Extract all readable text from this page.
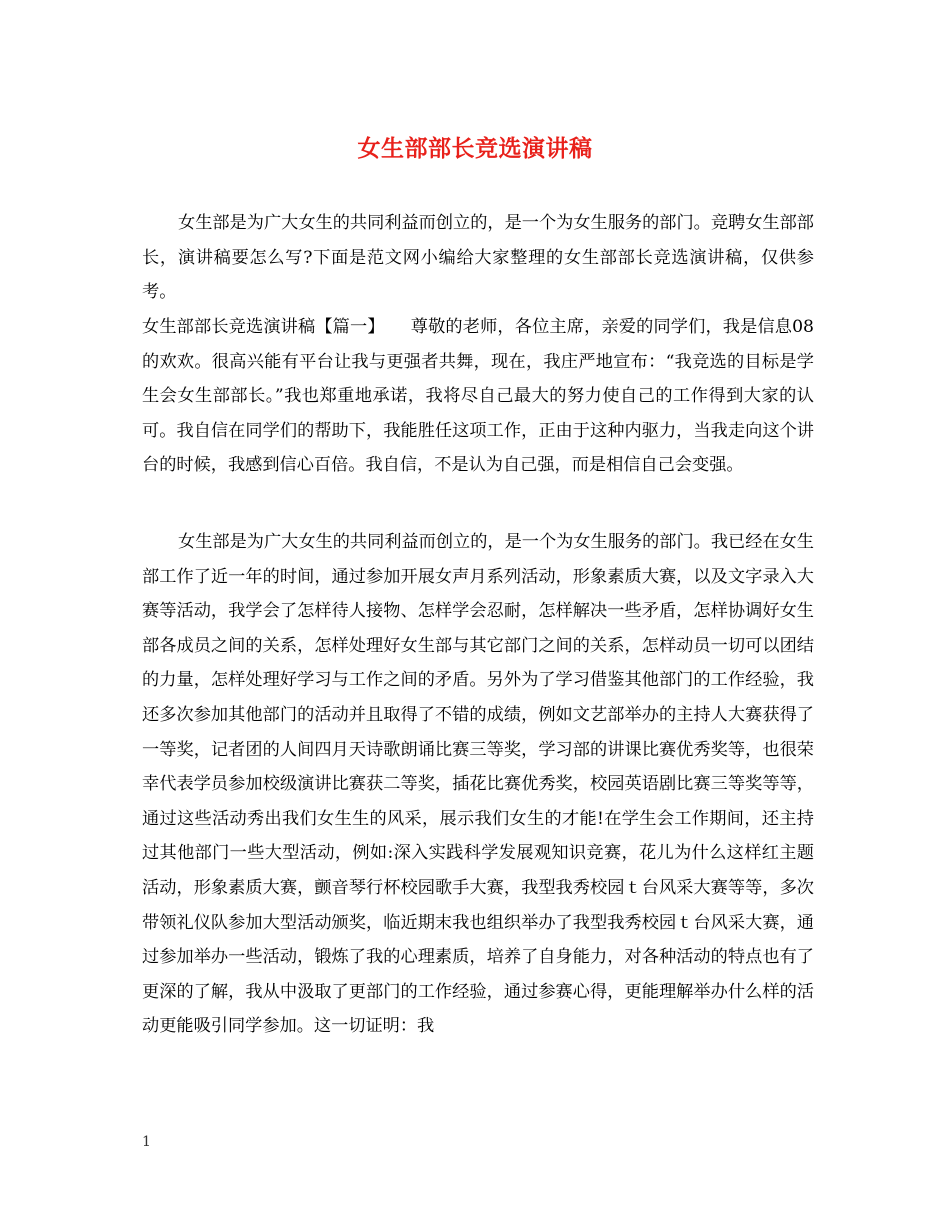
女生部部长竞选演讲稿

女生部是为广大女生的共同利益而创立的，是一个为女生服务的部门。竞聘女生部部长，演讲稿要怎么写?下面是范文网小编给大家整理的女生部部长竞选演讲稿，仅供参考。

女生部部长竞选演讲稿【篇一】　　尊敬的老师，各位主席，亲爱的同学们，我是信息08的欢欢。很高兴能有平台让我与更强者共舞，现在，我庄严地宣布：“我竞选的目标是学生会女生部部长。”我也郑重地承诺，我将尽自己最大的努力使自己的工作得到大家的认可。我自信在同学们的帮助下，我能胜任这项工作，正由于这种内驱力，当我走向这个讲台的时候，我感到信心百倍。我自信，不是认为自己强，而是相信自己会变强。

女生部是为广大女生的共同利益而创立的，是一个为女生服务的部门。我已经在女生部工作了近一年的时间，通过参加开展女声月系列活动，形象素质大赛，以及文字录入大赛等活动，我学会了怎样待人接物、怎样学会忍耐，怎样解决一些矛盾，怎样协调好女生部各成员之间的关系，怎样处理好女生部与其它部门之间的关系，怎样动员一切可以团结的力量，怎样处理好学习与工作之间的矛盾。另外为了学习借鉴其他部门的工作经验，我还多次参加其他部门的活动并且取得了不错的成绩，例如文艺部举办的主持人大赛获得了一等奖，记者团的人间四月天诗歌朗诵比赛三等奖，学习部的讲课比赛优秀奖等，也很荣幸代表学员参加校级演讲比赛获二等奖，插花比赛优秀奖，校园英语剧比赛三等奖等等，通过这些活动秀出我们女生生的风采，展示我们女生的才能!在学生会工作期间，还主持过其他部门一些大型活动，例如:深入实践科学发展观知识竞赛，花儿为什么这样红主题活动，形象素质大赛，颤音琴行杯校园歌手大赛，我型我秀校园ｔ台风采大赛等等，多次带领礼仪队参加大型活动颁奖，临近期末我也组织举办了我型我秀校园ｔ台风采大赛，通过参加举办一些活动，锻炼了我的心理素质，培养了自身能力，对各种活动的特点也有了更深的了解，我从中汲取了更部门的工作经验，通过参赛心得，更能理解举办什么样的活动更能吸引同学参加。这一切证明：我

1
